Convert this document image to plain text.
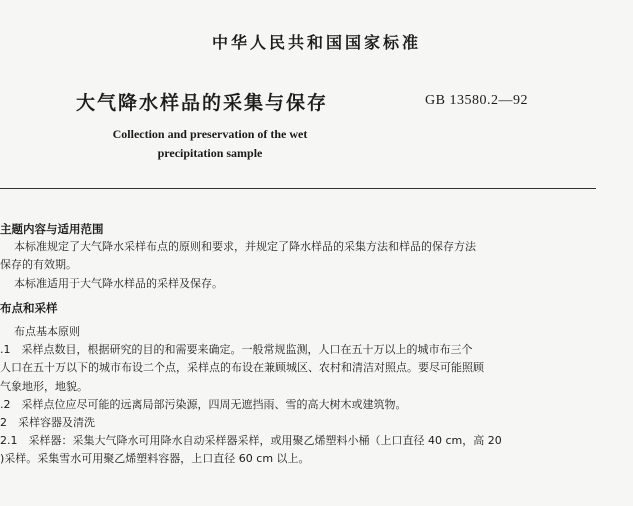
中华人民共和国国家标准
大气降水样品的采集与保存	GB 13580.2—92
Collection and preservation of the wet
precipitation sample
主题内容与适用范围
本标准规定了大气降水采样布点的原则和要求，并规定了降水样品的采集方法和样品的保存方法
保存的有效期。
本标准适用于大气降水样品的采样及保存。
布点和采样
布点基本原则
.1　采样点数目，根据研究的目的和需要来确定。一般常规监测，人口在五十万以上的城市布三个
人口在五十万以下的城市布设二个点，采样点的布设在兼顾城区、农村和清洁对照点。要尽可能照顾
气象地形，地貌。
.2　采样点位应尽可能的远离局部污染源，四周无遮挡雨、雪的高大树木或建筑物。
2　采样容器及清洗
2.1　采样器：采集大气降水可用降水自动采样器采样，或用聚乙烯塑料小桶（上口直径 40 cm，高 20
)采样。采集雪水可用聚乙烯塑料容器，上口直径 60 cm 以上。
